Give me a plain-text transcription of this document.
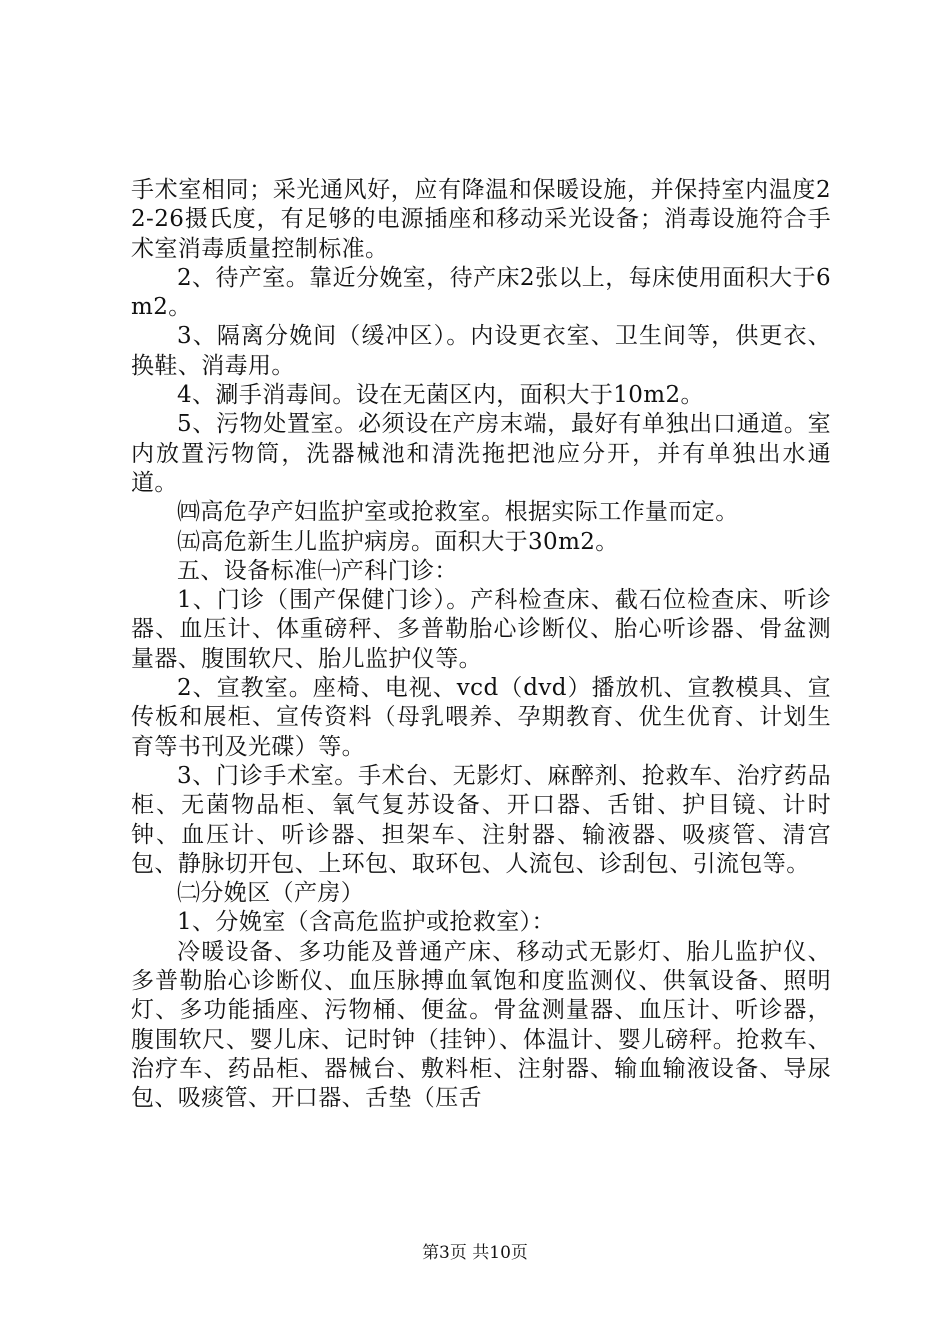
手术室相同；采光通风好，应有降温和保暖设施，并保持室内温度22-26摄氏度，有足够的电源插座和移动采光设备；消毒设施符合手术室消毒质量控制标准。

2、待产室。靠近分娩室，待产床2张以上，每床使用面积大于6m2。

3、隔离分娩间（缓冲区）。内设更衣室、卫生间等，供更衣、换鞋、消毒用。

4、涮手消毒间。设在无菌区内，面积大于10m2。

5、污物处置室。必须设在产房末端，最好有单独出口通道。室内放置污物筒，洗器械池和清洗拖把池应分开，并有单独出水通道。

㈣高危孕产妇监护室或抢救室。根据实际工作量而定。

㈤高危新生儿监护病房。面积大于30m2。

五、设备标准㈠产科门诊：

1、门诊（围产保健门诊）。产科检查床、截石位检查床、听诊器、血压计、体重磅秤、多普勒胎心诊断仪、胎心听诊器、骨盆测量器、腹围软尺、胎儿监护仪等。

2、宣教室。座椅、电视、vcd（dvd）播放机、宣教模具、宣传板和展柜、宣传资料（母乳喂养、孕期教育、优生优育、计划生育等书刊及光碟）等。

3、门诊手术室。手术台、无影灯、麻醉剂、抢救车、治疗药品柜、无菌物品柜、氧气复苏设备、开口器、舌钳、护目镜、计时钟、血压计、听诊器、担架车、注射器、输液器、吸痰管、清宫包、静脉切开包、上环包、取环包、人流包、诊刮包、引流包等。

㈡分娩区（产房）

1、分娩室（含高危监护或抢救室）：

冷暖设备、多功能及普通产床、移动式无影灯、胎儿监护仪、多普勒胎心诊断仪、血压脉搏血氧饱和度监测仪、供氧设备、照明灯、多功能插座、污物桶、便盆。骨盆测量器、血压计、听诊器，腹围软尺、婴儿床、记时钟（挂钟）、体温计、婴儿磅秤。抢救车、治疗车、药品柜、器械台、敷料柜、注射器、输血输液设备、导尿包、吸痰管、开口器、舌垫（压舌

第3页 共10页
